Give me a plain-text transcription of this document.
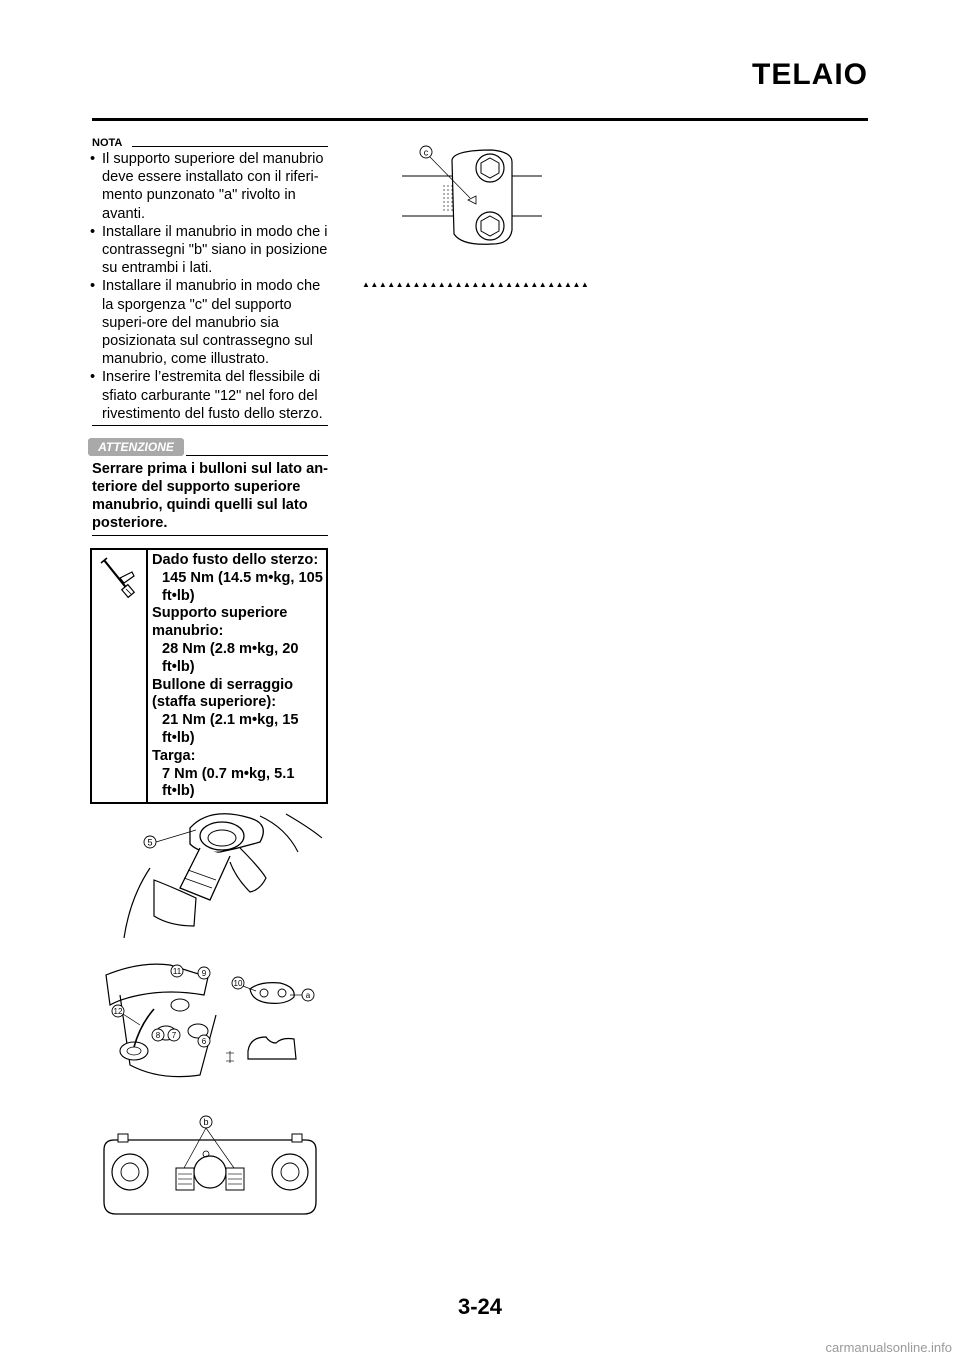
TELAIO
NOTA
• Il supporto superiore del manubrio deve essere installato con il riferi-mento punzonato "a" rivolto in avanti.
• Installare il manubrio in modo che i contrassegni "b" siano in posizione su entrambi i lati.
• Installare il manubrio in modo che la sporgenza "c" del supporto superi-ore del manubrio sia posizionata sul contrassegno sul manubrio, come illustrato.
• Inserire l’estremita del flessibile di sfiato carburante "12" nel foro del rivestimento del fusto dello sterzo.
ATTENZIONE
Serrare prima i bulloni sul lato an-teriore del supporto superiore manubrio, quindi quelli sul lato posteriore.
Dado fusto dello sterzo:
145 Nm (14.5 m•kg, 105 ft•lb)
Supporto superiore manubrio:
28 Nm (2.8 m•kg, 20 ft•lb)
Bullone di serraggio (staffa superiore):
21 Nm (2.1 m•kg, 15 ft•lb)
Targa:
7 Nm (0.7 m•kg, 5.1 ft•lb)
c
▲▲▲▲▲▲▲▲▲▲▲▲▲▲▲▲▲▲▲▲▲▲▲▲▲▲▲
5
11	9
10
a
12
8 7
6
b
3-24
carmanualsonline.info
